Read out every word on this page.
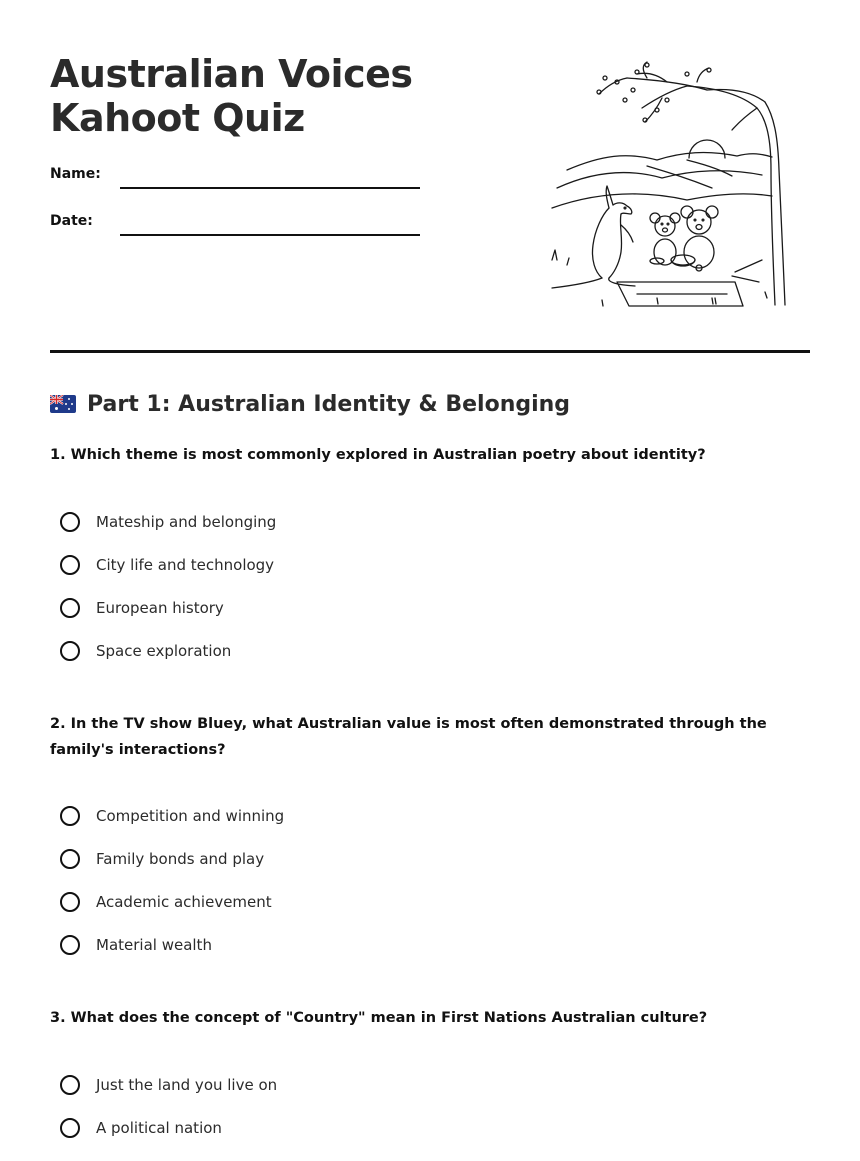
Australian Voices
Kahoot Quiz
Name:
Date:
Part 1: Australian Identity & Belonging

1. Which theme is most commonly explored in Australian poetry about identity?

Mateship and belonging
City life and technology
European history
Space exploration

2. In the TV show Bluey, what Australian value is most often demonstrated through the family's interactions?

Competition and winning
Family bonds and play
Academic achievement
Material wealth

3. What does the concept of "Country" mean in First Nations Australian culture?

Just the land you live on
A political nation
